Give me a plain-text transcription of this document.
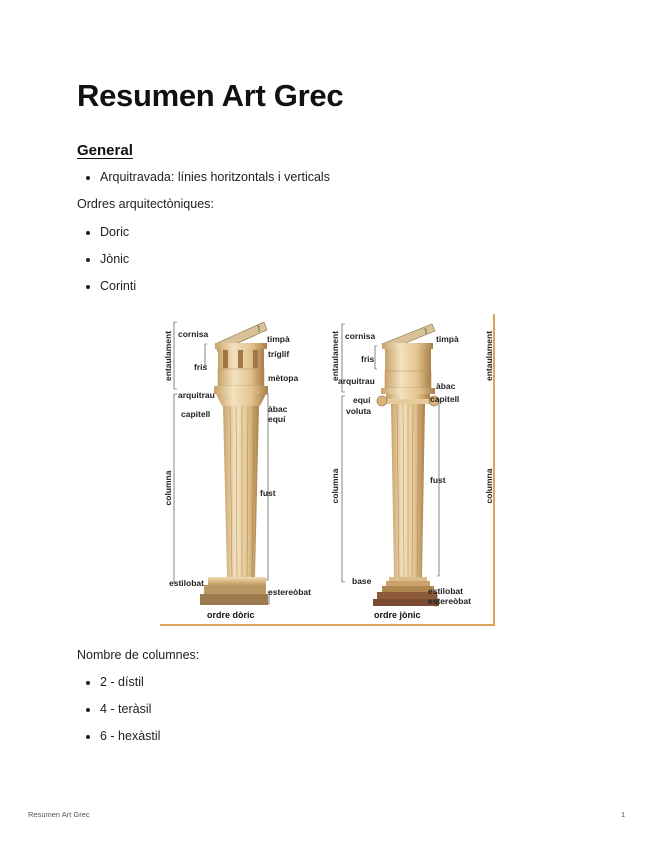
Resumen Art Grec
General
Arquitravada: línies horitzontals i verticals

Ordres arquitectòniques:

Doric
Jònic
Corinti
entaulament
columna
cornisa
fris
arquitrau
capitell
estilobat
timpà
tríglif
mètopa
àbac
equí
fust
estereòbat
ordre dòric
entaulament
columna
entaulament
columna
cornisa
fris
arquitrau
equí
voluta
base
timpà
àbac
capitell
fust
estilobat
estereòbat
ordre jònic

Nombre de columnes:

2 - dístil
4 - teràsil
6 - hexàstil

Resumen Art Grec	1
